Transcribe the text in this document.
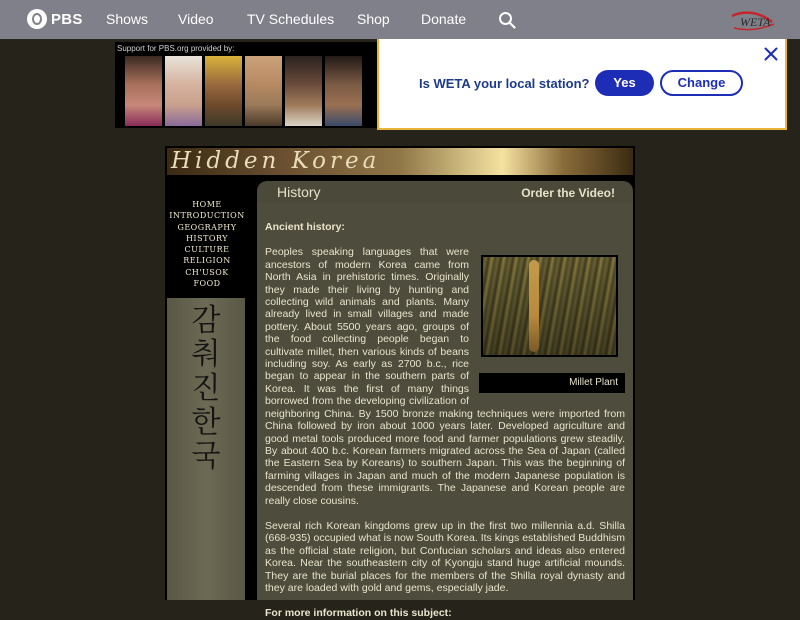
PBS Shows Video TV Schedules Shop Donate	WETA
Support for PBS.org provided by:
Is WETA your local station?	Yes	Change
Hidden Korea
HOME
INTRODUCTION
GEOGRAPHY
HISTORY
CULTURE
RELIGION
CH'USOK
FOOD
감
춰
진
한
국
History	Order the Video!

Ancient history:

Millet Plant

Peoples speaking languages that were ancestors of modern Korea came from North Asia in prehistoric times. Originally they made their living by hunting and collecting wild animals and plants. Many already lived in small villages and made pottery. About 5500 years ago, groups of the food collecting people began to cultivate millet, then various kinds of beans including soy. As early as 2700 b.c., rice began to appear in the southern parts of Korea. It was the first of many things borrowed from the developing civilization of neighboring China. By 1500 bronze making techniques were imported from China followed by iron about 1000 years later. Developed agriculture and good metal tools produced more food and farmer populations grew steadily. By about 400 b.c. Korean farmers migrated across the Sea of Japan (called the Eastern Sea by Koreans) to southern Japan. This was the beginning of farming villages in Japan and much of the modern Japanese population is descended from these immigrants. The Japanese and Korean people are really close cousins.

Several rich Korean kingdoms grew up in the first two millennia a.d. Shilla (668-935) occupied what is now South Korea. Its kings established Buddhism as the official state religion, but Confucian scholars and ideas also entered Korea. Near the southeastern city of Kyongju stand huge artificial mounds. They are the burial places for the members of the Shilla royal dynasty and they are loaded with gold and gems, especially jade.

For more information on this subject:
